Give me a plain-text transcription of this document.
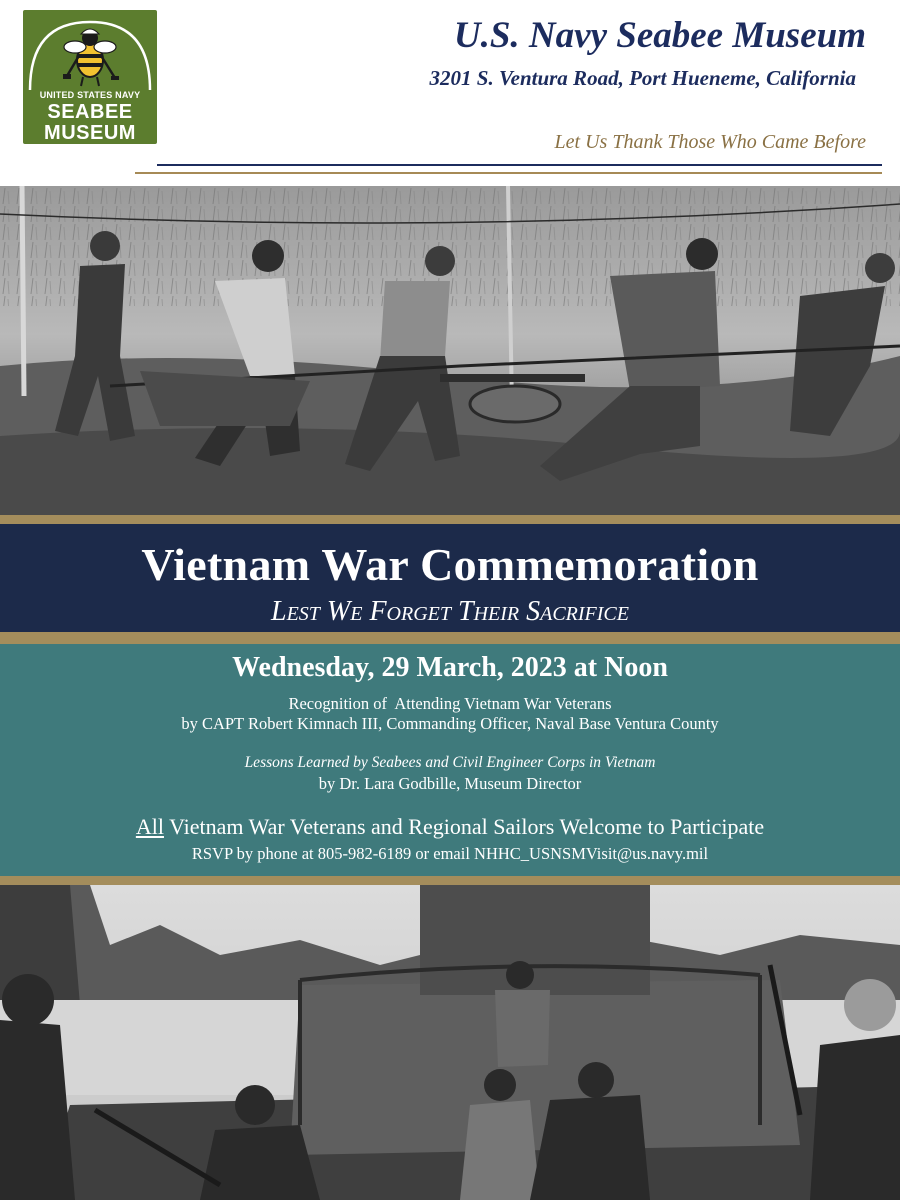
UNITED STATES NAVY
SEABEE
MUSEUM
U.S. Navy Seabee Museum
3201 S. Ventura Road, Port Hueneme, California
Let Us Thank Those Who Came Before
Vietnam War Commemoration
Lest We Forget Their Sacrifice
Wednesday, 29 March, 2023 at Noon
Recognition of  Attending Vietnam War Veterans
by CAPT Robert Kimnach III, Commanding Officer, Naval Base Ventura County
Lessons Learned by Seabees and Civil Engineer Corps in Vietnam
by Dr. Lara Godbille, Museum Director
All Vietnam War Veterans and Regional Sailors Welcome to Participate
RSVP by phone at 805-982-6189 or email NHHC_USNSMVisit@us.navy.mil
